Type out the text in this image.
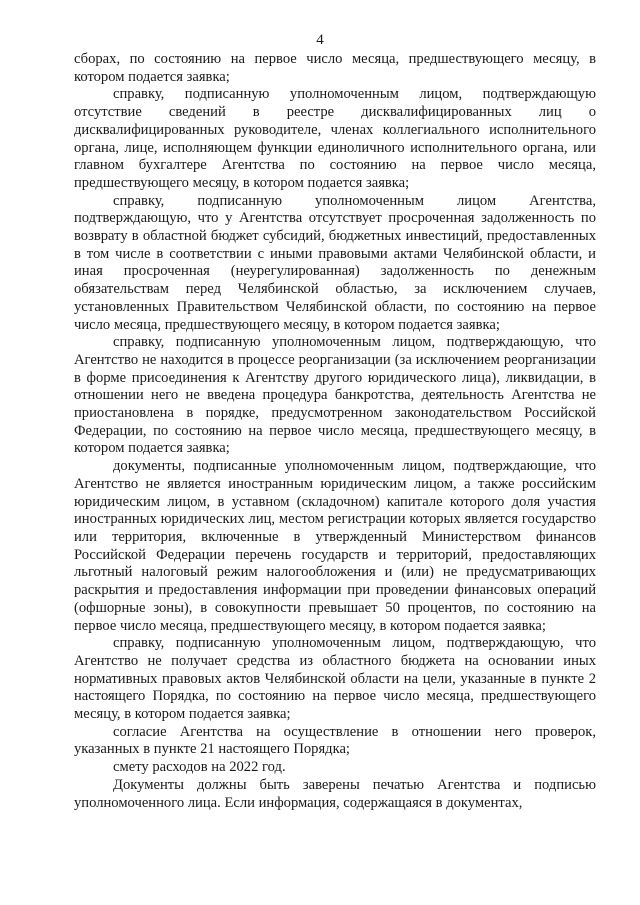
4

сборах, по состоянию на первое число месяца, предшествующего месяцу, в котором подается заявка;

справку, подписанную уполномоченным лицом, подтверждающую отсутствие сведений в реестре дисквалифицированных лиц о дисквалифицированных руководителе, членах коллегиального исполнительного органа, лице, исполняющем функции единоличного исполнительного органа, или главном бухгалтере Агентства по состоянию на первое число месяца, предшествующего месяцу, в котором подается заявка;

справку, подписанную уполномоченным лицом Агентства, подтверждающую, что у Агентства отсутствует просроченная задолженность по возврату в областной бюджет субсидий, бюджетных инвестиций, предоставленных в том числе в соответствии с иными правовыми актами Челябинской области, и иная просроченная (неурегулированная) задолженность по денежным обязательствам перед Челябинской областью, за исключением случаев, установленных Правительством Челябинской области, по состоянию на первое число месяца, предшествующего месяцу, в котором подается заявка;

справку, подписанную уполномоченным лицом, подтверждающую, что Агентство не находится в процессе реорганизации (за исключением реорганизации в форме присоединения к Агентству другого юридического лица), ликвидации, в отношении него не введена процедура банкротства, деятельность Агентства не приостановлена в порядке, предусмотренном законодательством Российской Федерации, по состоянию на первое число месяца, предшествующего месяцу, в котором подается заявка;

документы, подписанные уполномоченным лицом, подтверждающие, что Агентство не является иностранным юридическим лицом, а также российским юридическим лицом, в уставном (складочном) капитале которого доля участия иностранных юридических лиц, местом регистрации которых является государство или территория, включенные в утвержденный Министерством финансов Российской Федерации перечень государств и территорий, предоставляющих льготный налоговый режим налогообложения и (или) не предусматривающих раскрытия и предоставления информации при проведении финансовых операций (офшорные зоны), в совокупности превышает 50 процентов, по состоянию на первое число месяца, предшествующего месяцу, в котором подается заявка;

справку, подписанную уполномоченным лицом, подтверждающую, что Агентство не получает средства из областного бюджета на основании иных нормативных правовых актов Челябинской области на цели, указанные в пункте 2 настоящего Порядка, по состоянию на первое число месяца, предшествующего месяцу, в котором подается заявка;

согласие Агентства на осуществление в отношении него проверок, указанных в пункте 21 настоящего Порядка;

смету расходов на 2022 год.

Документы должны быть заверены печатью Агентства и подписью уполномоченного лица. Если информация, содержащаяся в документах,
